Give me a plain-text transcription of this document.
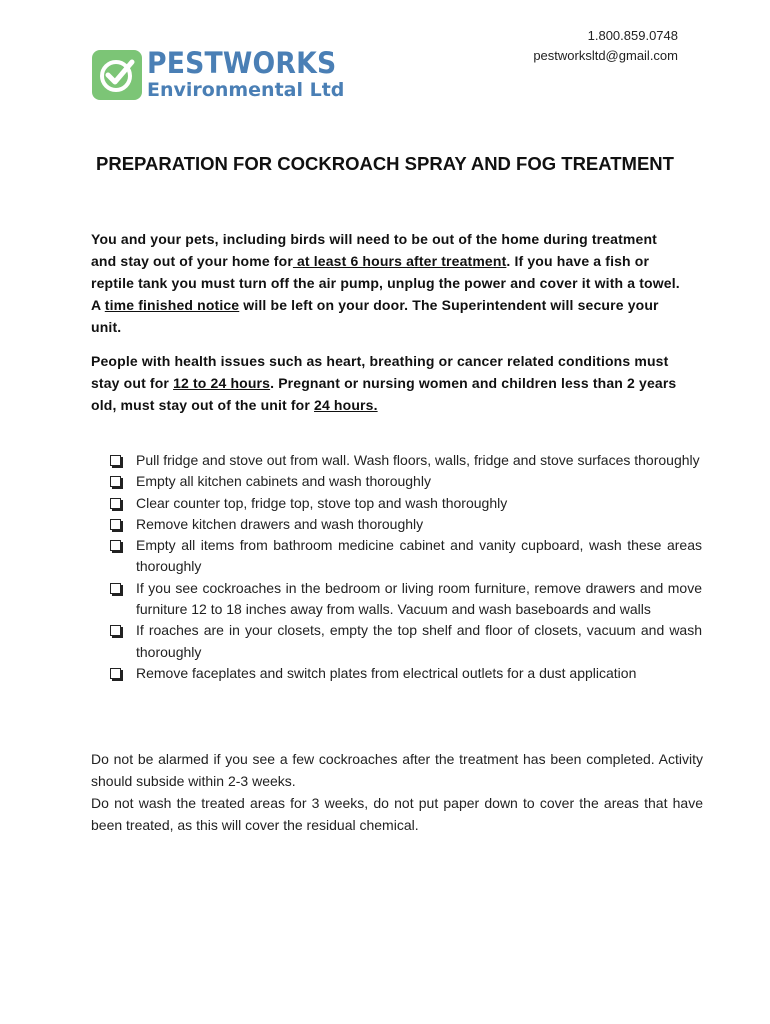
1.800.859.0748
pestworksltd@gmail.com
PESTWORKS
Environmental Ltd
PREPARATION FOR COCKROACH SPRAY AND FOG TREATMENT
You and your pets, including birds will need to be out of the home during treatment and stay out of your home for at least 6 hours after treatment. If you have a fish or reptile tank you must turn off the air pump, unplug the power and cover it with a towel. A time finished notice will be left on your door. The Superintendent will secure your unit.
People with health issues such as heart, breathing or cancer related conditions must stay out for 12 to 24 hours. Pregnant or nursing women and children less than 2 years old, must stay out of the unit for 24 hours.
Pull fridge and stove out from wall. Wash floors, walls, fridge and stove surfaces thoroughly
Empty all kitchen cabinets and wash thoroughly
Clear counter top, fridge top, stove top and wash thoroughly
Remove kitchen drawers and wash thoroughly
Empty all items from bathroom medicine cabinet and vanity cupboard, wash these areas thoroughly
If you see cockroaches in the bedroom or living room furniture, remove drawers and move furniture 12 to 18 inches away from walls. Vacuum and wash baseboards and walls
If roaches are in your closets, empty the top shelf and floor of closets, vacuum and wash thoroughly
Remove faceplates and switch plates from electrical outlets for a dust application

Do not be alarmed if you see a few cockroaches after the treatment has been completed. Activity should subside within 2-3 weeks.

Do not wash the treated areas for 3 weeks, do not put paper down to cover the areas that have been treated, as this will cover the residual chemical.
